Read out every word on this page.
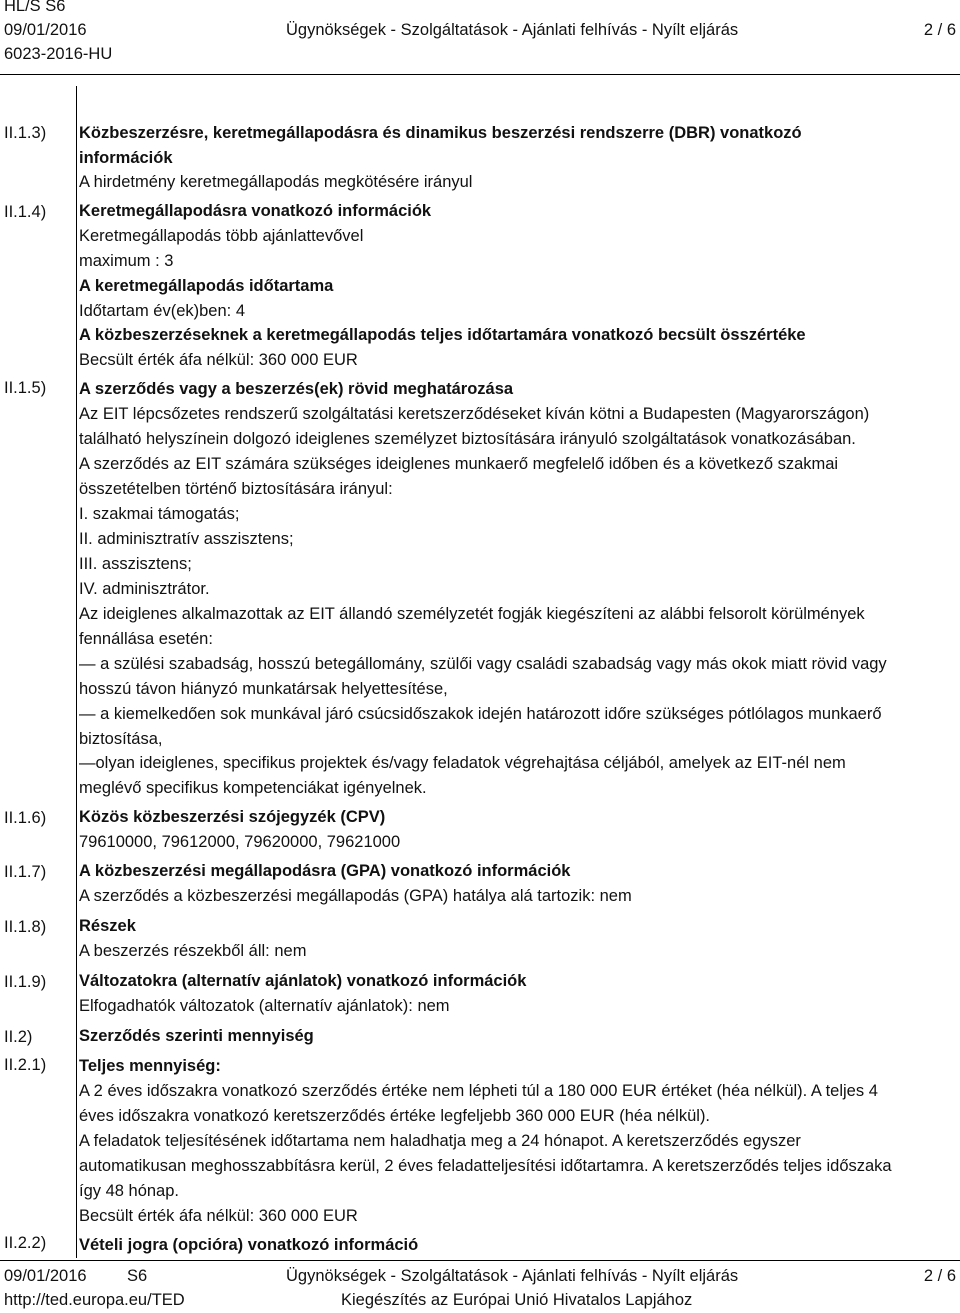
HL/S S6
09/01/2016
6023-2016-HU
Ügynökségek - Szolgáltatások - Ajánlati felhívás - Nyílt eljárás	2 / 6
II.1.3)
II.1.4)
II.1.5)
II.1.6)
II.1.7)
II.1.8)
II.1.9)
II.2)
II.2.1)
II.2.2)
Közbeszerzésre, keretmegállapodásra és dinamikus beszerzési rendszerre (DBR) vonatkozó
információk
A hirdetmény keretmegállapodás megkötésére irányul
Keretmegállapodásra vonatkozó információk
Keretmegállapodás több ajánlattevővel
maximum : 3
A keretmegállapodás időtartama
Időtartam év(ek)ben: 4
A közbeszerzéseknek a keretmegállapodás teljes időtartamára vonatkozó becsült összértéke
Becsült érték áfa nélkül: 360 000 EUR
A szerződés vagy a beszerzés(ek) rövid meghatározása
Az EIT lépcsőzetes rendszerű szolgáltatási keretszerződéseket kíván kötni a Budapesten (Magyarországon)
található helyszínein dolgozó ideiglenes személyzet biztosítására irányuló szolgáltatások vonatkozásában.
A szerződés az EIT számára szükséges ideiglenes munkaerő megfelelő időben és a következő szakmai
összetételben történő biztosítására irányul:
I. szakmai támogatás;
II. adminisztratív asszisztens;
III. asszisztens;
IV. adminisztrátor.
Az ideiglenes alkalmazottak az EIT állandó személyzetét fogják kiegészíteni az alábbi felsorolt körülmények
fennállása esetén:
— a szülési szabadság, hosszú betegállomány, szülői vagy családi szabadság vagy más okok miatt rövid vagy
hosszú távon hiányzó munkatársak helyettesítése,
— a kiemelkedően sok munkával járó csúcsidőszakok idején határozott időre szükséges pótlólagos munkaerő
biztosítása,
—olyan ideiglenes, specifikus projektek és/vagy feladatok végrehajtása céljából, amelyek az EIT-nél nem
meglévő specifikus kompetenciákat igényelnek.
Közös közbeszerzési szójegyzék (CPV)
79610000, 79612000, 79620000, 79621000
A közbeszerzési megállapodásra (GPA) vonatkozó információk
A szerződés a közbeszerzési megállapodás (GPA) hatálya alá tartozik: nem
Részek
A beszerzés részekből áll: nem
Változatokra (alternatív ajánlatok) vonatkozó információk
Elfogadhatók változatok (alternatív ajánlatok): nem
Szerződés szerinti mennyiség
Teljes mennyiség:
A 2 éves időszakra vonatkozó szerződés értéke nem lépheti túl a 180 000 EUR értéket (héa nélkül). A teljes 4
éves időszakra vonatkozó keretszerződés értéke legfeljebb 360 000 EUR (héa nélkül).
A feladatok teljesítésének időtartama nem haladhatja meg a 24 hónapot. A keretszerződés egyszer
automatikusan meghosszabbításra kerül, 2 éves feladatteljesítési időtartamra. A keretszerződés teljes időszaka
így 48 hónap.
Becsült érték áfa nélkül: 360 000 EUR
Vételi jogra (opcióra) vonatkozó információ
09/01/2016 S6
http://ted.europa.eu/TED
Ügynökségek - Szolgáltatások - Ajánlati felhívás - Nyílt eljárás
Kiegészítés az Európai Unió Hivatalos Lapjához
2 / 6
